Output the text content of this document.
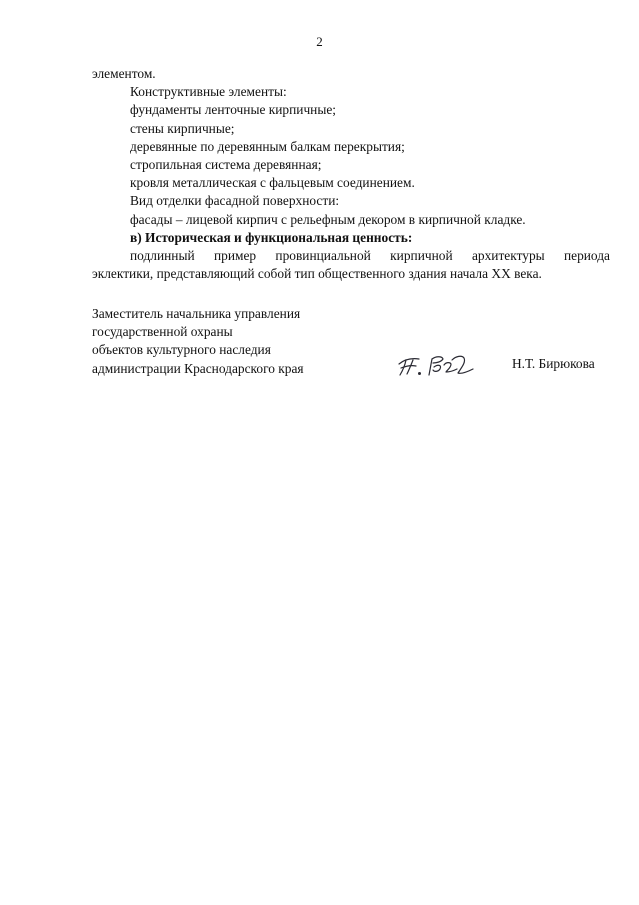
2

элементом.

Конструктивные элементы:

фундаменты ленточные кирпичные;

стены кирпичные;

деревянные по деревянным балкам перекрытия;

стропильная система деревянная;

кровля металлическая с фальцевым соединением.

Вид отделки фасадной поверхности:

фасады – лицевой кирпич с рельефным декором в кирпичной кладке.

в) Историческая и функциональная ценность:

подлинный пример провинциальной кирпичной архитектуры периода

эклектики, представляющий собой тип общественного здания начала XX века.

Заместитель начальника управления

государственной охраны

объектов культурного наследия

администрации Краснодарского края	Н.Т. Бирюкова
